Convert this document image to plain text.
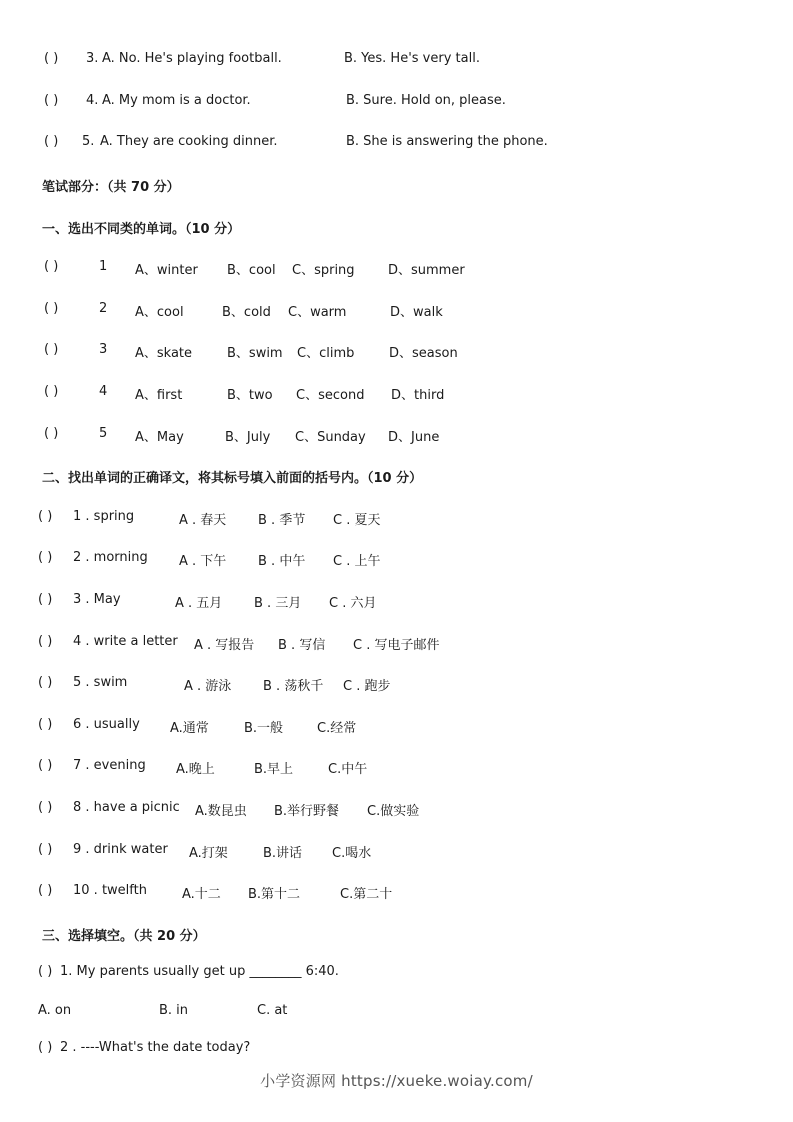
( ) 3. A. No. He's playing football.	B. Yes. He's very tall.
( ) 4. A. My mom is a doctor.	B. Sure. Hold on, please.
( ) 5. A. They are cooking dinner.	B. She is answering the phone.
笔试部分：（共 70 分）
一、选出不同类的单词。（10 分）
( )	1 A、winter B、cool C、spring	D、summer
( )	2 A、cool	B、cold C、warm	D、walk
( )	3 A、skate	B、swim C、climb	D、season
( )	4 A、first	B、two C、second D、third
( )	5 A、May	B、July C、Sunday D、June
二、找出单词的正确译文，将其标号填入前面的括号内。（10 分）
( ) 1 . spring	A . 春天 B . 季节 C . 夏天
( ) 2 . morning A . 下午 B . 中午 C . 上午
( ) 3 . May	A . 五月 B . 三月 C . 六月
( ) 4 . write a letter A . 写报告 B . 写信 C . 写电子邮件
( ) 5 . swim	A . 游泳 B . 荡秋千 C . 跑步
( ) 6 . usually A.通常	B.一般	C.经常
( ) 7 . evening A.晚上	B.早上	C.中午
( ) 8 . have a picnic A.数昆虫 B.举行野餐 C.做实验
( ) 9 . drink water A.打架	B.讲话 C.喝水
( ) 10 . twelfth	A.十二 B.第十二	C.第二十
三、选择填空。（共 20 分）
( ) 1. My parents usually get up ________ 6:40.
A. on	B. in	C. at
( ) 2 . ----What's the date today?
小学资源网 https://xueke.woiay.com/
